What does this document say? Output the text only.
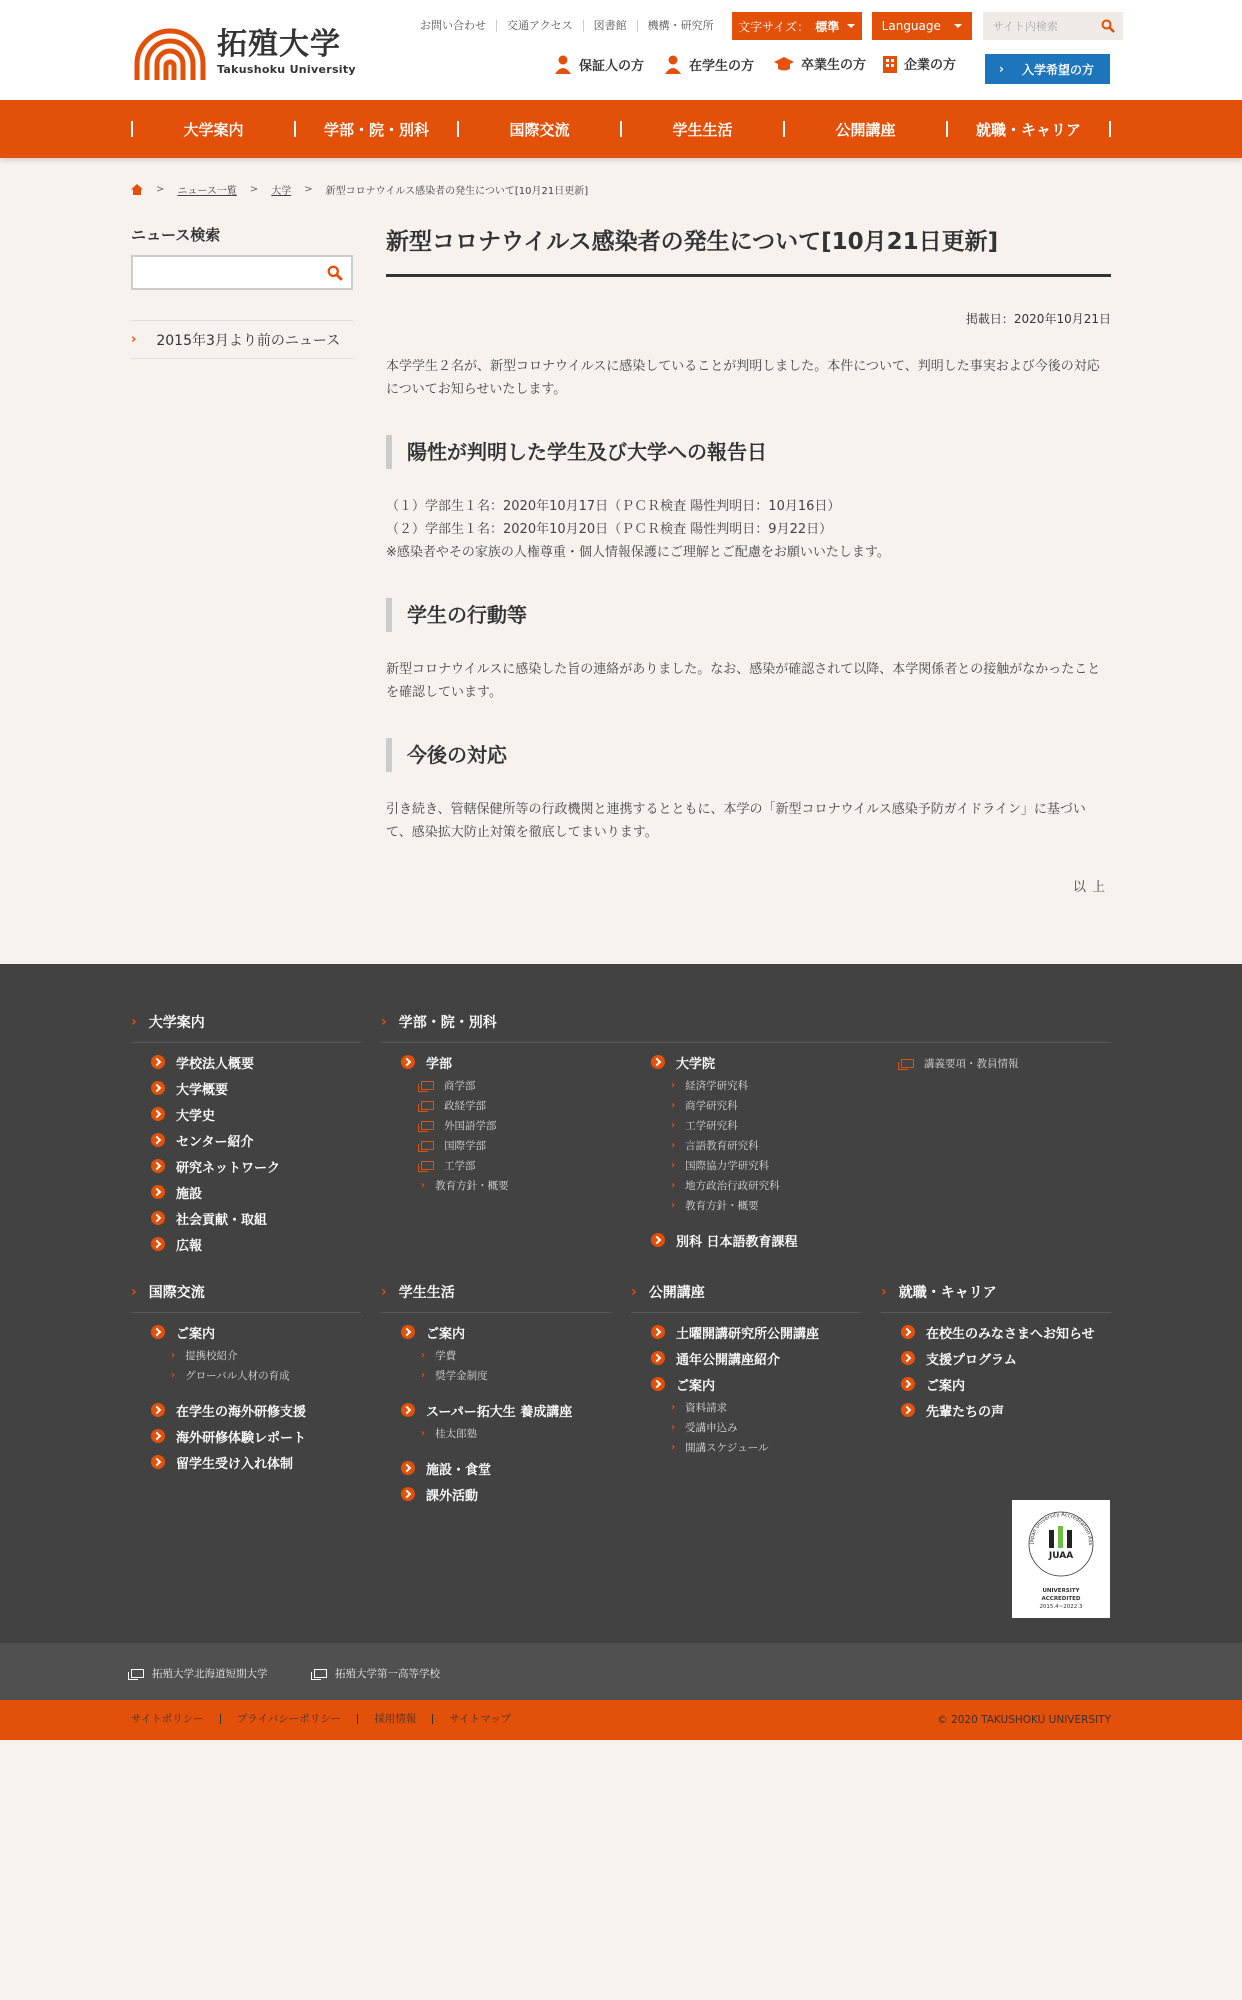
拓殖大学
Takushoku University
お問い合わせ	交通アクセス	図書館	機構・研究所	文字サイズ： 標準	Language	サイト内検索
保証人の方	在学生の方	卒業生の方	企業の方	› 入学希望の方
大学案内	学部・院・別科	国際交流	学生生活	公開講座	就職・キャリア
> ニュース一覧 > 大学 > 新型コロナウイルス感染者の発生について[10月21日更新]
ニュース検索
› 2015年3月より前のニュース
新型コロナウイルス感染者の発生について[10月21日更新]
掲載日：2020年10月21日

本学学生２名が、新型コロナウイルスに感染していることが判明しました。本件について、判明した事実および今後の対応についてお知らせいたします。

陽性が判明した学生及び大学への報告日

（１）学部生１名：2020年10月17日（ＰＣＲ検査 陽性判明日：10月16日）

（２）学部生１名：2020年10月20日（ＰＣＲ検査 陽性判明日：9月22日）

※感染者やその家族の人権尊重・個人情報保護にご理解とご配慮をお願いいたします。

学生の行動等

新型コロナウイルスに感染した旨の連絡がありました。なお、感染が確認されて以降、本学関係者との接触がなかったことを確認しています。

今後の対応

引き続き、管轄保健所等の行政機関と連携するとともに、本学の「新型コロナウイルス感染予防ガイドライン」に基づいて、感染拡大防止対策を徹底してまいります。

以上
› 大学案内
学校法人概要
大学概要
大学史
センター紹介
研究ネットワーク
施設
社会貢献・取組
広報
› 学部・院・別科
学部
商学部
政経学部
外国語学部
国際学部
工学部
› 教育方針・概要
大学院
› 経済学研究科
› 商学研究科
› 工学研究科
› 言語教育研究科
› 国際協力学研究科
› 地方政治行政研究科
› 教育方針・概要
別科 日本語教育課程
講義要項・教員情報
› 国際交流
ご案内
› 提携校紹介
› グローバル人材の育成
在学生の海外研修支援
海外研修体験レポート
留学生受け入れ体制
› 学生生活
ご案内
› 学費
› 奨学金制度
スーパー拓大生 養成講座
› 桂太郎塾
施設・食堂
課外活動
› 公開講座
土曜開講研究所公開講座
通年公開講座紹介
ご案内
› 資料請求
› 受講申込み
› 開講スケジュール
› 就職・キャリア
在校生のみなさまへお知らせ
支援プログラム
ご案内
先輩たちの声
Japan University Accreditation Ass
JUAA
UNIVERSITY
ACCREDITED
2015.4~2022.3
拓殖大学北海道短期大学	拓殖大学第一高等学校
サイトポリシー	プライバシーポリシー	採用情報	サイトマップ	© 2020 TAKUSHOKU UNIVERSITY
